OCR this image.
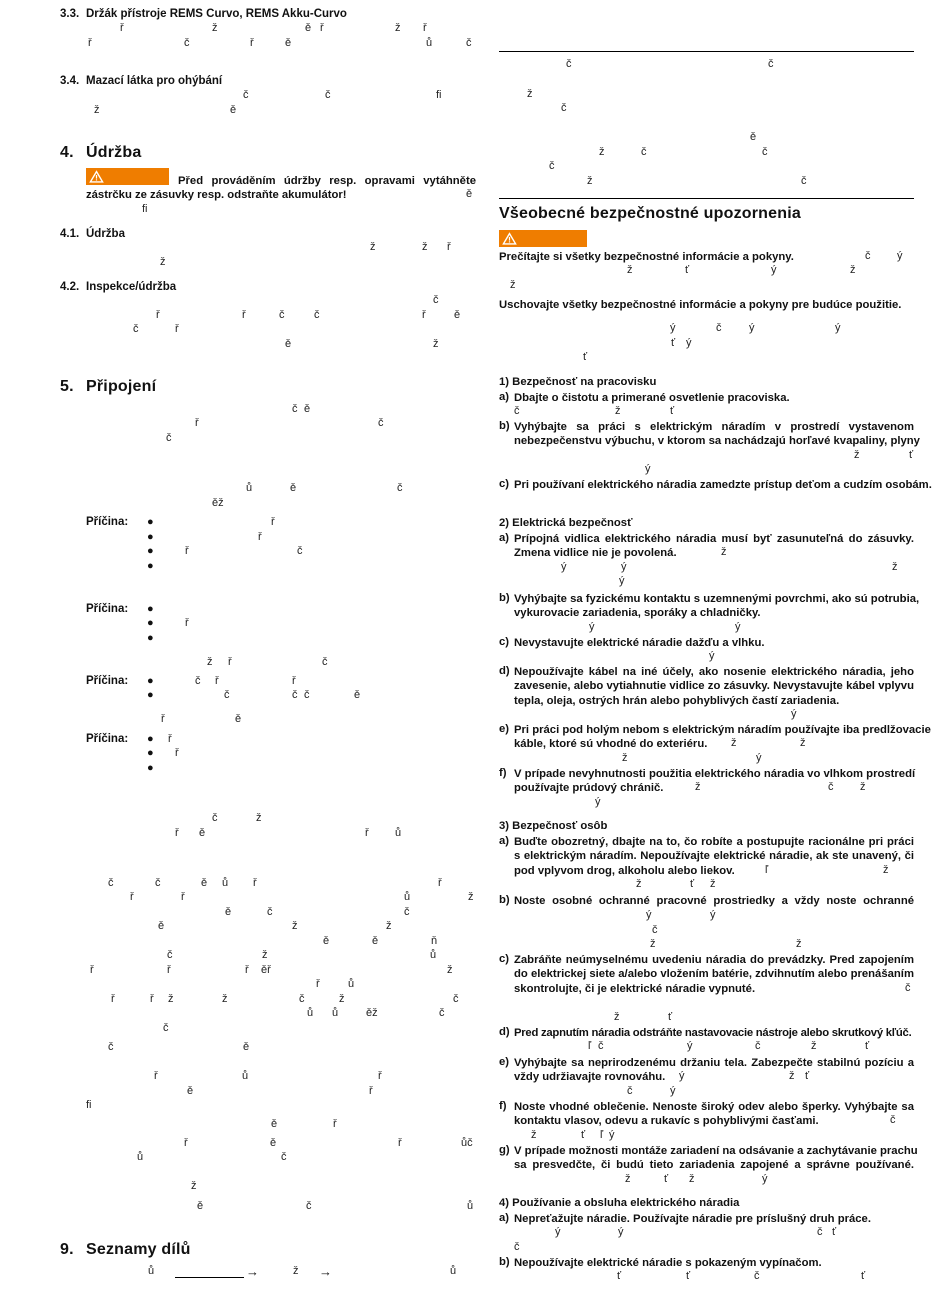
3.3. Držák přístroje REMS Curvo, REMS Akku-Curvo
ř	ž	ě ř	ž ř
ř	č	ř	ě	ů	č
3.4. Mazací látka pro ohýbání
č	č	fi
ž	ě
4. Údržba
Před prováděním údržby resp. opravami vytáhněte
zástrčku ze zásuvky resp. odstraňte akumulátor!	ě
fi
4.1. Údržba
ž	ž ř
ž
4.2. Inspekce/údržba
č
ř	ř	č	č	ř	ě
č	ř
ě	ž
5. Připojení
č ě
ř	č
č
ů	ě	č
ěž
Příčina: ●
●
●
●
ř
ř
ř	č
Příčina: ●
●
●
ř
ž ř	č
Příčina: ●
●
č ř	ř
č	č č	ě
ř	ě
Příčina: ●
●
●
ř
ř
č	ž
ř ě	ř ů
č	č	ě ů ř	ř
ř	ř	ů	ž
ě	č	č
ě	ž	ž
ě	ě	ň
č	ž	ů
ř	ř	ř ěř	ž
ř	ů
ř	ř ž	ž	č	ž	č
ů ů	ěž	č
č
č	ě
ř	ů	ř
ě	ř
fi
ě	ř
ř	ě	ř	ůč
ů	č
ž
ě	č	ů
9. Seznamy dílů
ů	→	ž →	ů
č	č
ž
č
ě
ž	č	č
č
ž	č
Všeobecné bezpečnostné upozornenia
Prečítajte si všetky bezpečnostné informácie a pokyny.	č ý
ž	ť	ý	ž
ž
Uschovajte všetky bezpečnostné informácie a pokyny pre budúce použitie.
ý	č	ý	ý
ť ý
ť
1) Bezpečnosť na pracovisku
a) Dbajte o čistotu a primerané osvetlenie pracoviska.
č	ž	ť
b) Vyhýbajte sa práci s elektrickým náradím v prostredí vystavenom
nebezpečenstvu výbuchu, v ktorom sa nachádzajú horľavé kvapaliny, plyny
ž	ť
ý
c) Pri používaní elektrického náradia zamedzte prístup deťom a cudzím osobám.
2) Elektrická bezpečnosť
a) Prípojná vidlica elektrického náradia musí byť zasunuteľná do zásuvky.
Zmena vidlice nie je povolená.	ž
ý	ý	ž
ý
b) Vyhýbajte sa fyzickému kontaktu s uzemnenými povrchmi, ako sú potrubia,
vykurovacie zariadenia, sporáky a chladničky.
ý	ý
c) Nevystavujte elektrické náradie dažďu a vlhku.
ý
d) Nepoužívajte kábel na iné účely, ako nosenie elektrického náradia, jeho
zavesenie, alebo vytiahnutie vidlice zo zásuvky. Nevystavujte kábel vplyvu
tepla, oleja, ostrých hrán alebo pohyblivých častí zariadenia.
ý
e) Pri práci pod holým nebom s elektrickým náradím používajte iba predlžovacie
káble, ktoré sú vhodné do exteriéru. ž	ž
ž	ý
f) V prípade nevyhnutnosti použitia elektrického náradia vo vlhkom prostredí
používajte prúdový chránič.	ž	č ž
ý
3) Bezpečnosť osôb
a) Buďte obozretný, dbajte na to, čo robíte a postupujte racionálne pri práci
s elektrickým náradím. Nepoužívajte elektrické náradie, ak ste unavený, či
pod vplyvom drog, alkoholu alebo liekov.	ľ	ž
ž	ť ž
b) Noste osobné ochranné pracovné prostriedky a vždy noste ochranné
ý	ý
č
ž	ž
c) Zabráňte neúmyselnému uvedeniu náradia do prevádzky. Pred zapojením
do elektrickej siete a/alebo vložením batérie, zdvihnutím alebo prenášaním
skontrolujte, či je elektrické náradie vypnuté.	č
ž	ť
d) Pred zapnutím náradia odstráňte nastavovacie nástroje alebo skrutkový kľúč.
ľ č	ý	č	ž	ť
e) Vyhýbajte sa neprirodzenému držaniu tela. Zabezpečte stabilnú pozíciu a
vždy udržiavajte rovnováhu. ý	ž ť
č	ý
f) Noste vhodné oblečenie. Nenoste široký odev alebo šperky. Vyhýbajte sa
kontaktu vlasov, odevu a rukavíc s pohyblivými časťami.	č
ž	ť ľ ý
g) V prípade možnosti montáže zariadení na odsávanie a zachytávanie prachu
sa presvedčte, či budú tieto zariadenia zapojené a správne používané.
ž	ť ž	ý
4) Používanie a obsluha elektrického náradia
a) Nepreťažujte náradie. Používajte náradie pre príslušný druh práce.
ý	ý	č ť
č
b) Nepoužívajte elektrické náradie s pokazeným vypínačom.
ť	ť	č	ť
